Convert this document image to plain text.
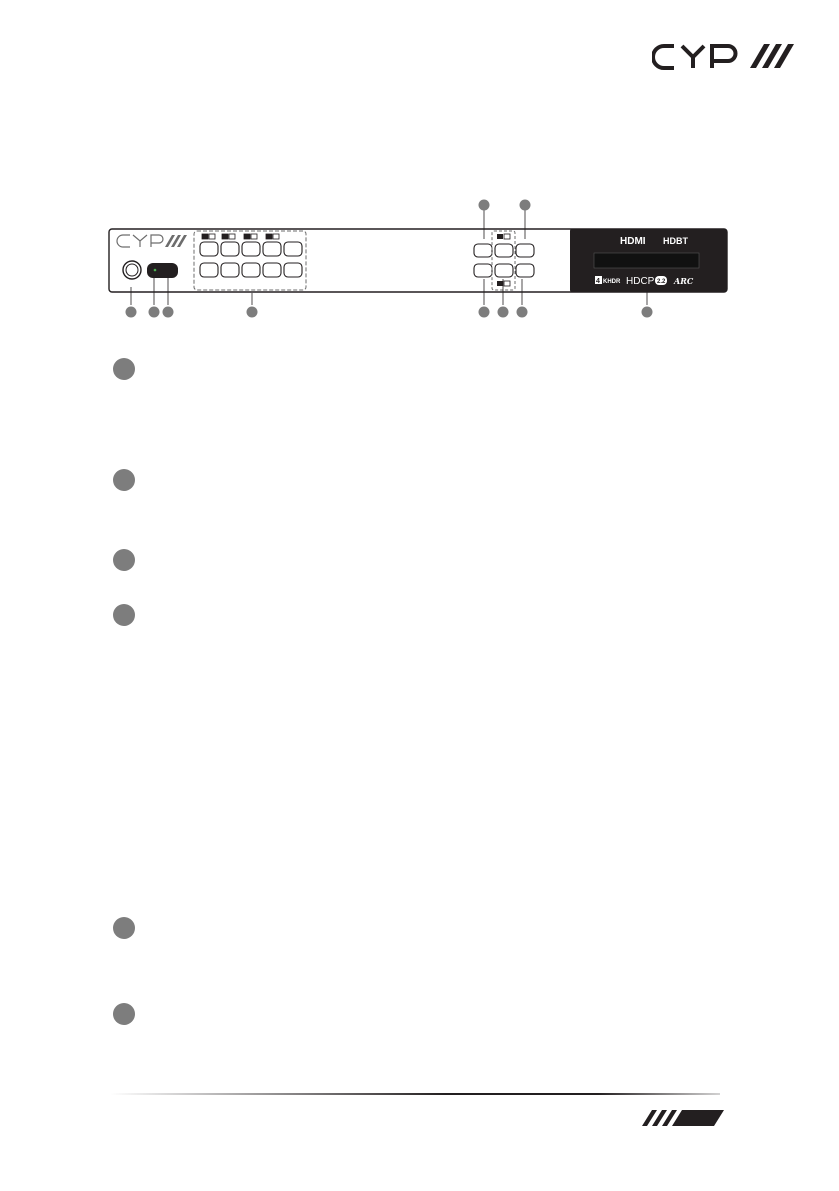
HDMI HDBT
4 KHDR HDCP 2.2 ARC
